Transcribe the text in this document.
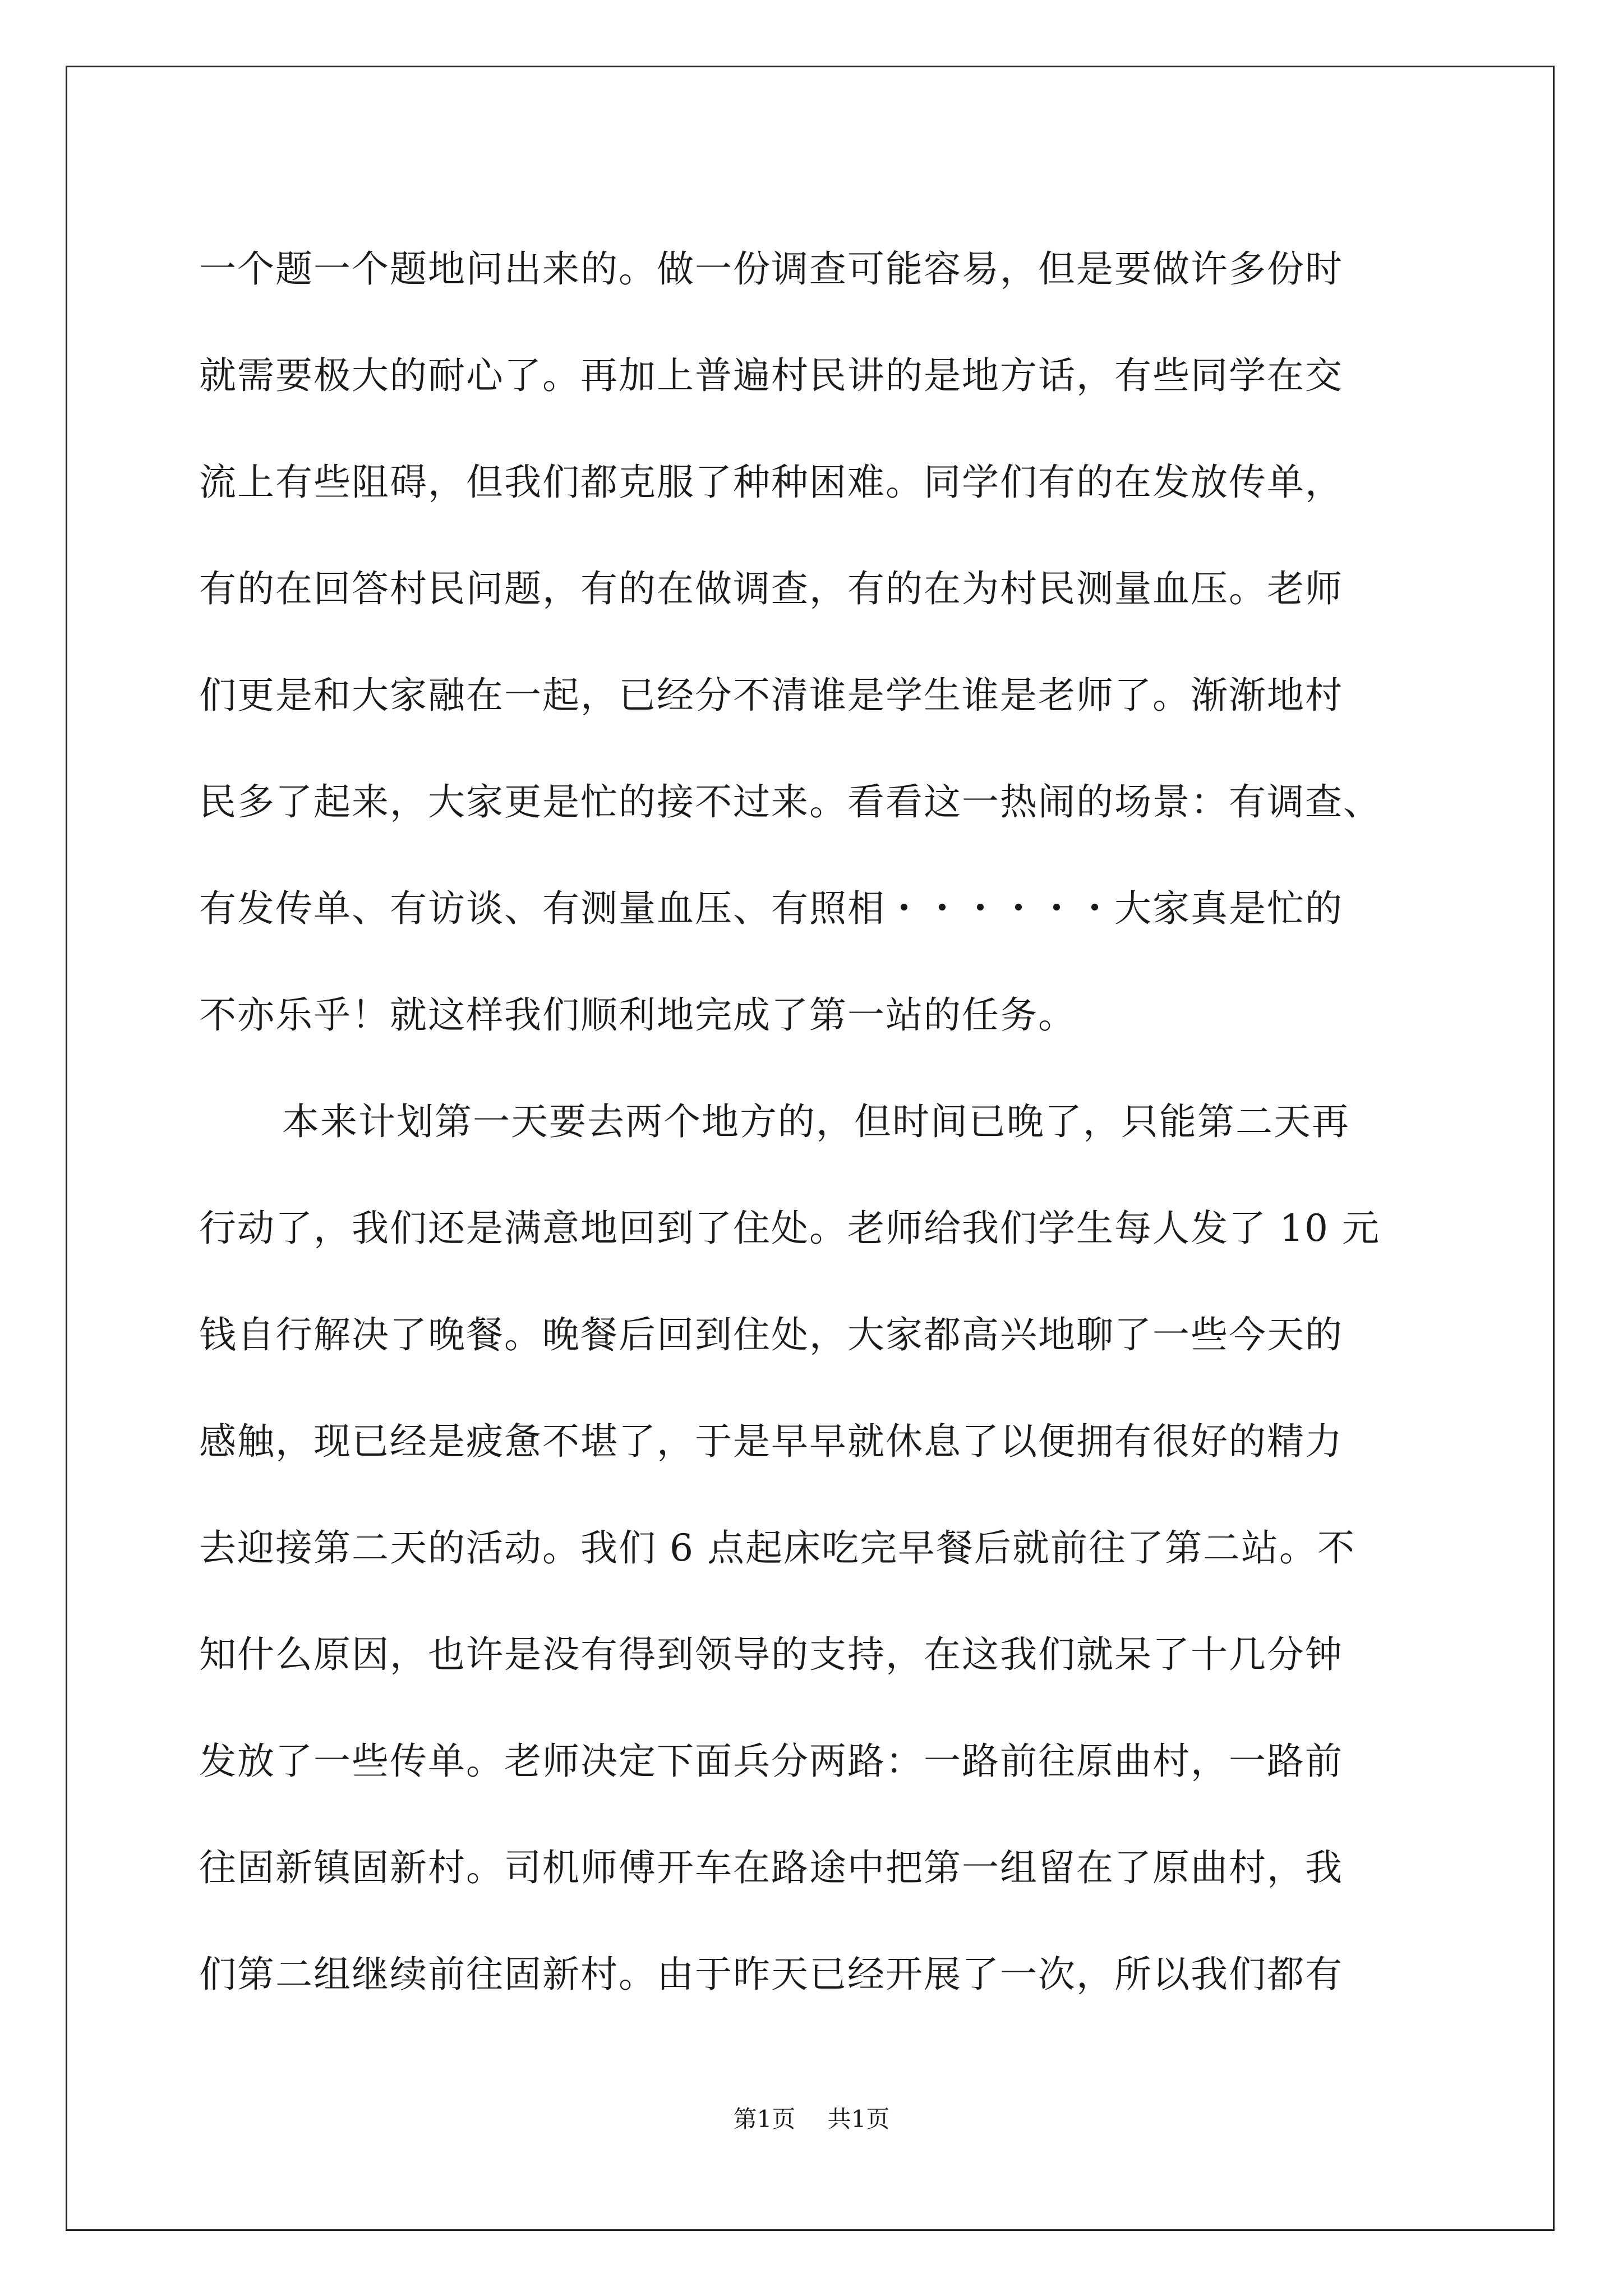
一个题一个题地问出来的。做一份调查可能容易，但是要做许多份时
就需要极大的耐心了。再加上普遍村民讲的是地方话，有些同学在交
流上有些阻碍，但我们都克服了种种困难。同学们有的在发放传单，
有的在回答村民问题，有的在做调查，有的在为村民测量血压。老师
们更是和大家融在一起，已经分不清谁是学生谁是老师了。渐渐地村
民多了起来，大家更是忙的接不过来。看看这一热闹的场景：有调查、
有发传单、有访谈、有测量血压、有照相・・・・・・大家真是忙的
不亦乐乎！就这样我们顺利地完成了第一站的任务。
本来计划第一天要去两个地方的，但时间已晚了，只能第二天再
行动了，我们还是满意地回到了住处。老师给我们学生每人发了 10 元
钱自行解决了晚餐。晚餐后回到住处，大家都高兴地聊了一些今天的
感触，现已经是疲惫不堪了，于是早早就休息了以便拥有很好的精力
去迎接第二天的活动。我们 6 点起床吃完早餐后就前往了第二站。不
知什么原因，也许是没有得到领导的支持，在这我们就呆了十几分钟
发放了一些传单。老师决定下面兵分两路：一路前往原曲村，一路前
往固新镇固新村。司机师傅开车在路途中把第一组留在了原曲村，我
们第二组继续前往固新村。由于昨天已经开展了一次，所以我们都有
第1页 共1页
